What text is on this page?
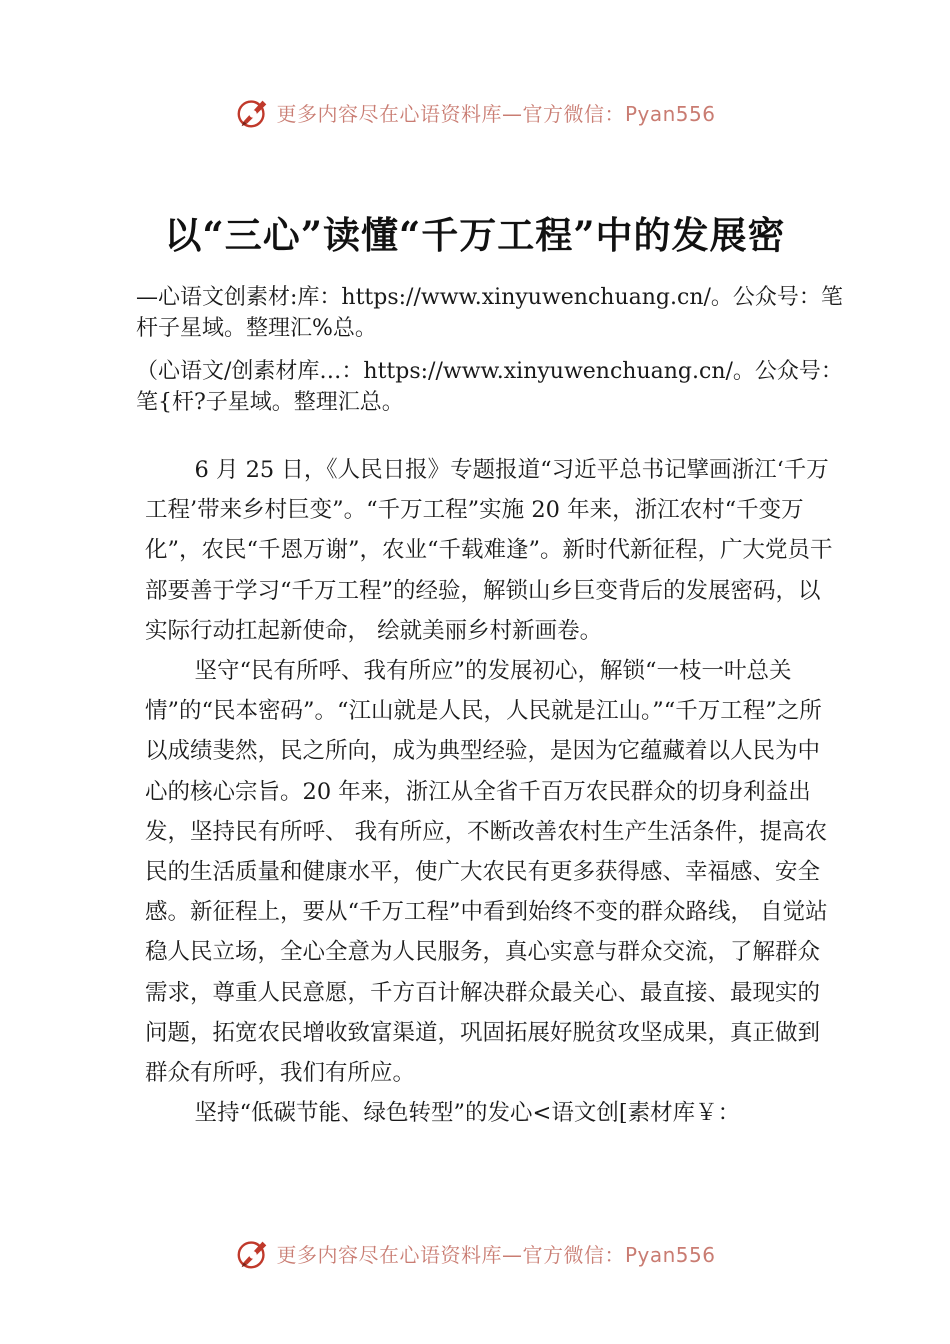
更多内容尽在心语资料库—官方微信：Pyan556
以“三心”读懂“千万工程”中的发展密
—心语文创素材:库：https://www.xinyuwenchuang.cn/。公众号：笔杆子星域。整理汇%总。
（心语文/创素材库…：https://www.xinyuwenchuang.cn/。公众号：笔{杆?子星域。整理汇总。

6 月 25 日，《人民日报》专题报道“习近平总书记擘画浙江‘千万工程’带来乡村巨变”。“千万工程”实施 20 年来，浙江农村“千变万化”，农民“千恩万谢”，农业“千载难逢”。新时代新征程，广大党员干部要善于学习“千万工程”的经验，解锁山乡巨变背后的发展密码，以实际行动扛起新使命， 绘就美丽乡村新画卷。

坚守“民有所呼、我有所应”的发展初心，解锁“一枝一叶总关情”的“民本密码”。“江山就是人民，人民就是江山。”“千万工程”之所以成绩斐然，民之所向，成为典型经验，是因为它蕴藏着以人民为中心的核心宗旨。20 年来，浙江从全省千百万农民群众的切身利益出发，坚持民有所呼、 我有所应，不断改善农村生产生活条件，提高农民的生活质量和健康水平，使广大农民有更多获得感、幸福感、安全感。新征程上，要从“千万工程”中看到始终不变的群众路线， 自觉站稳人民立场，全心全意为人民服务，真心实意与群众交流，了解群众需求，尊重人民意愿，千方百计解决群众最关心、最直接、最现实的问题，拓宽农民增收致富渠道，巩固拓展好脱贫攻坚成果，真正做到群众有所呼，我们有所应。

坚持“低碳节能、绿色转型”的发心<语文创[素材库￥：

更多内容尽在心语资料库—官方微信：Pyan556
